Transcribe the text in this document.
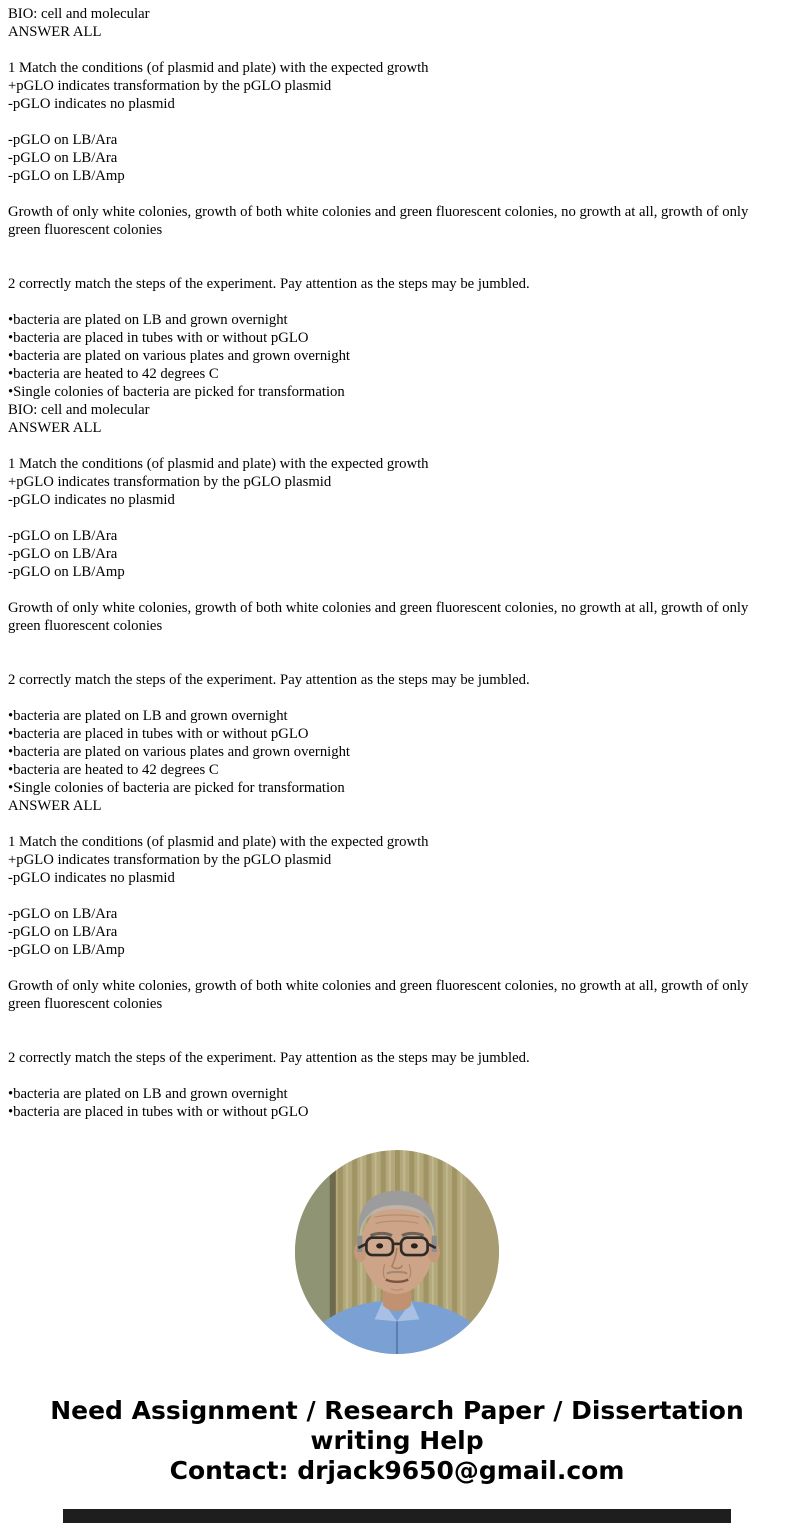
BIO: cell and molecular
ANSWER ALL
1 Match the conditions (of plasmid and plate) with the expected growth
+pGLO indicates transformation by the pGLO plasmid
-pGLO indicates no plasmid
-pGLO on LB/Ara
-pGLO on LB/Ara
-pGLO on LB/Amp
Growth of only white colonies, growth of both white colonies and green fluorescent colonies, no growth at all, growth of only green fluorescent colonies
2 correctly match the steps of the experiment. Pay attention as the steps may be jumbled.
•bacteria are plated on LB and grown overnight
•bacteria are placed in tubes with or without pGLO
•bacteria are plated on various plates and grown overnight
•bacteria are heated to 42 degrees C
•Single colonies of bacteria are picked for transformation
BIO: cell and molecular
ANSWER ALL
1 Match the conditions (of plasmid and plate) with the expected growth
+pGLO indicates transformation by the pGLO plasmid
-pGLO indicates no plasmid
-pGLO on LB/Ara
-pGLO on LB/Ara
-pGLO on LB/Amp
Growth of only white colonies, growth of both white colonies and green fluorescent colonies, no growth at all, growth of only green fluorescent colonies
2 correctly match the steps of the experiment. Pay attention as the steps may be jumbled.
•bacteria are plated on LB and grown overnight
•bacteria are placed in tubes with or without pGLO
•bacteria are plated on various plates and grown overnight
•bacteria are heated to 42 degrees C
•Single colonies of bacteria are picked for transformation
ANSWER ALL
1 Match the conditions (of plasmid and plate) with the expected growth
+pGLO indicates transformation by the pGLO plasmid
-pGLO indicates no plasmid
-pGLO on LB/Ara
-pGLO on LB/Ara
-pGLO on LB/Amp
Growth of only white colonies, growth of both white colonies and green fluorescent colonies, no growth at all, growth of only green fluorescent colonies
2 correctly match the steps of the experiment. Pay attention as the steps may be jumbled.
•bacteria are plated on LB and grown overnight
•bacteria are placed in tubes with or without pGLO
Need Assignment / Research Paper / Dissertation
writing Help
Contact: drjack9650@gmail.com
